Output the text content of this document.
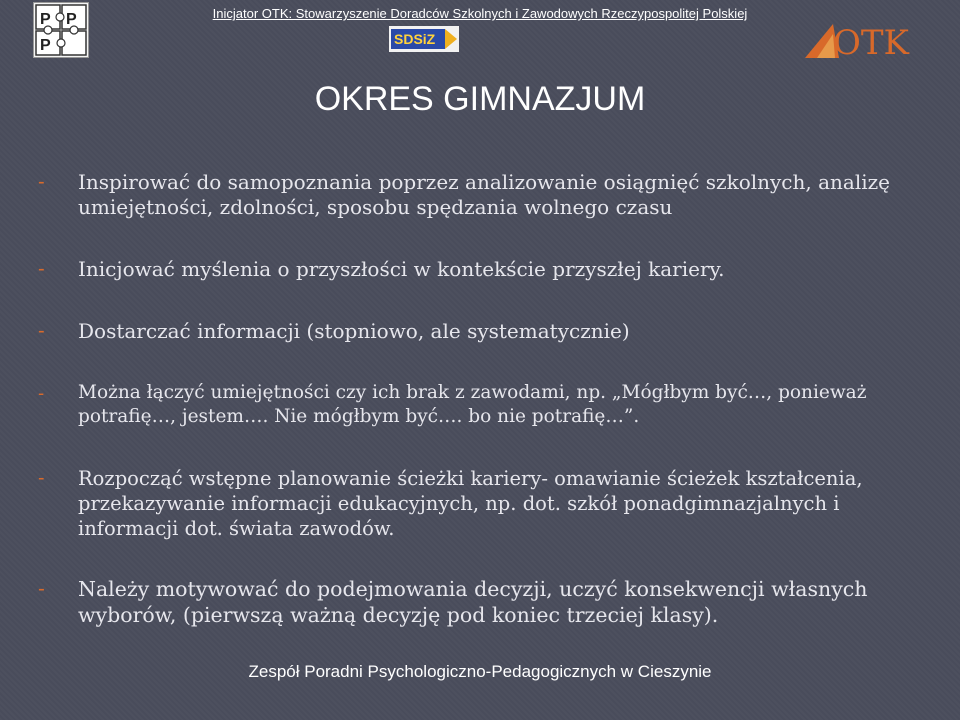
P P
P
Inicjator OTK: Stowarzyszenie Doradców Szkolnych i Zawodowych Rzeczypospolitej Polskiej
SDSiZ	OTK
OKRES GIMNAZJUM
- Inspirować do samopoznania poprzez analizowanie osiągnięć szkolnych, analizę umiejętności, zdolności, sposobu spędzania wolnego czasu
- Inicjować myślenia o przyszłości w kontekście przyszłej kariery.
- Dostarczać informacji (stopniowo, ale systematycznie)
- Można łączyć umiejętności czy ich brak z zawodami, np. „Mógłbym być…, ponieważ potrafię…, jestem…. Nie mógłbym być…. bo nie potrafię…”.
- Rozpocząć wstępne planowanie ścieżki kariery- omawianie ścieżek kształcenia, przekazywanie informacji edukacyjnych, np. dot. szkół ponadgimnazjalnych i informacji dot. świata zawodów.
- Należy motywować do podejmowania decyzji, uczyć konsekwencji własnych wyborów, (pierwszą ważną decyzję pod koniec trzeciej klasy).
Zespół Poradni Psychologiczno-Pedagogicznych w Cieszynie
